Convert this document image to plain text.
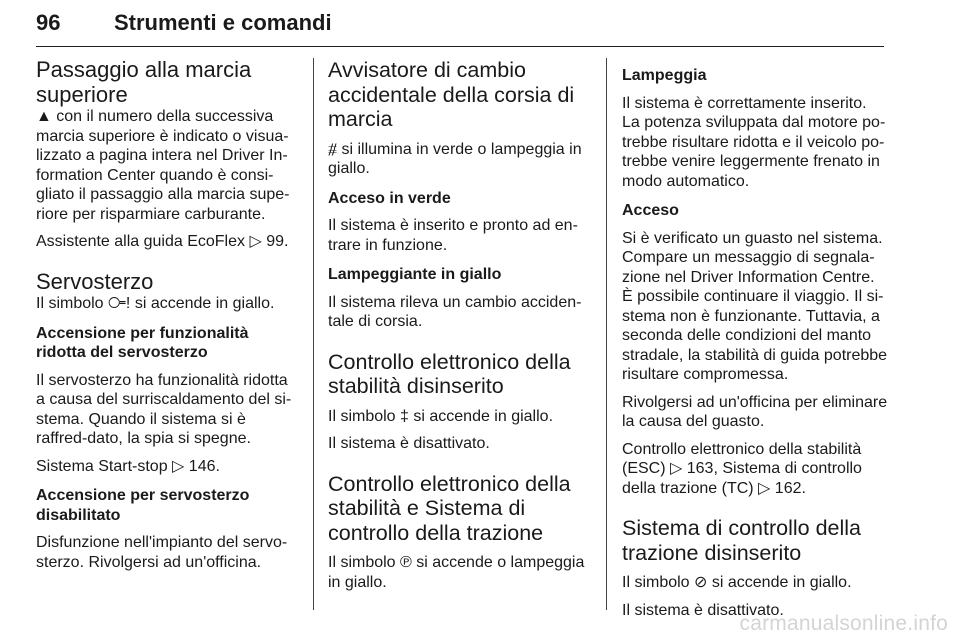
96 Strumenti e comandi
Passaggio alla marcia superiore

▲ con il numero della successiva marcia superiore è indicato o visua-lizzato a pagina intera nel Driver In-formation Center quando è consi-gliato il passaggio alla marcia supe-riore per risparmiare carburante.

Assistente alla guida EcoFlex ▷ 99.

Servosterzo

Il simbolo ⧃! si accende in giallo.

Accensione per funzionalità ridotta del servosterzo

Il servosterzo ha funzionalità ridotta a causa del surriscaldamento del si-stema. Quando il sistema si è raffred-dato, la spia si spegne.

Sistema Start-stop ▷ 146.

Accensione per servosterzo disabilitato

Disfunzione nell'impianto del servo-sterzo. Rivolgersi ad un'officina.

Avvisatore di cambio accidentale della corsia di marcia

⧥ si illumina in verde o lampeggia in giallo.

Acceso in verde

Il sistema è inserito e pronto ad en-trare in funzione.

Lampeggiante in giallo

Il sistema rileva un cambio acciden-tale di corsia.

Controllo elettronico della stabilità disinserito

Il simbolo ‡ si accende in giallo.

Il sistema è disattivato.

Controllo elettronico della stabilità e Sistema di controllo della trazione

Il simbolo ℗ si accende o lampeggia in giallo.

Lampeggia

Il sistema è correttamente inserito. La potenza sviluppata dal motore po-trebbe risultare ridotta e il veicolo po-trebbe venire leggermente frenato in modo automatico.

Acceso

Si è verificato un guasto nel sistema. Compare un messaggio di segnala-zione nel Driver Information Centre. È possibile continuare il viaggio. Il si-stema non è funzionante. Tuttavia, a seconda delle condizioni del manto stradale, la stabilità di guida potrebbe risultare compromessa.

Rivolgersi ad un'officina per eliminare la causa del guasto.

Controllo elettronico della stabilità (ESC) ▷ 163, Sistema di controllo della trazione (TC) ▷ 162.

Sistema di controllo della trazione disinserito

Il simbolo ⊘ si accende in giallo.

Il sistema è disattivato.

carmanualsonline.info
